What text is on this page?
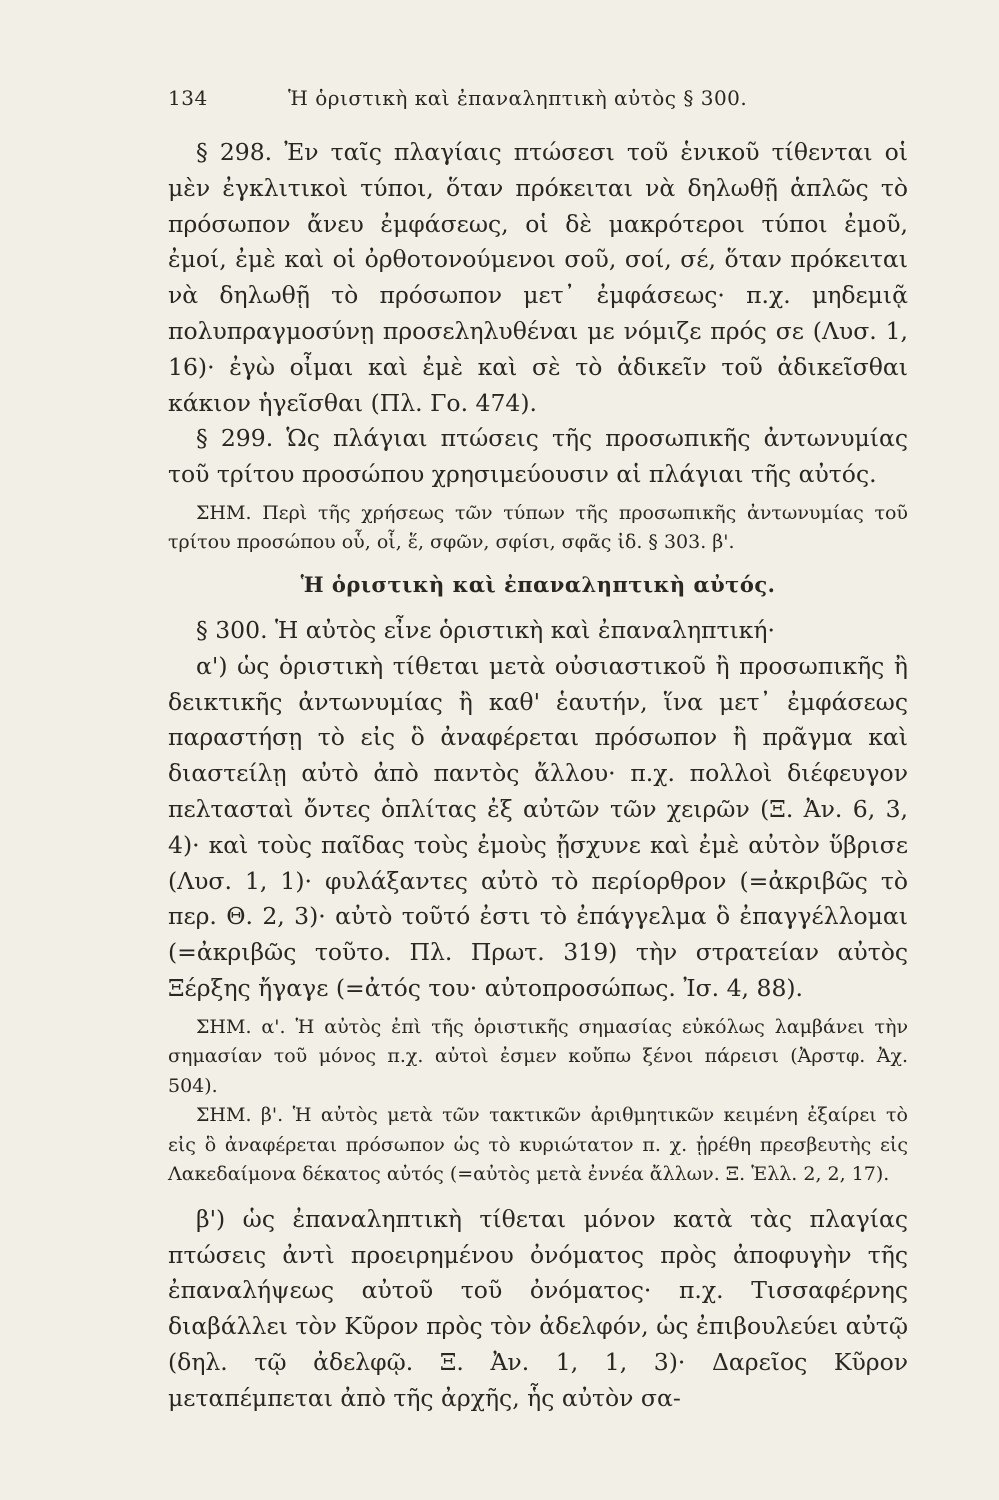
134	Ἡ ὁριστικὴ καὶ ἐπαναληπτικὴ αὐτὸς § 300.

§ 298. Ἐν ταῖς πλαγίαις πτώσεσι τοῦ ἑνικοῦ τίθενται οἱ μὲν ἐγκλιτικοὶ τύποι, ὅταν πρόκειται νὰ δηλωθῇ ἁπλῶς τὸ πρόσωπον ἄνευ ἐμφάσεως, οἱ δὲ μακρότεροι τύποι ἐμοῦ, ἐμοί, ἐμὲ καὶ οἱ ὀρθοτονούμενοι σοῦ, σοί, σέ, ὅταν πρόκειται νὰ δηλωθῇ τὸ πρόσωπον μετ᾽ ἐμφάσεως· π.χ. μηδεμιᾷ πολυπραγμοσύνῃ προσεληλυθέναι με νόμιζε πρός σε (Λυσ. 1, 16)· ἐγὼ οἶμαι καὶ ἐμὲ καὶ σὲ τὸ ἀδικεῖν τοῦ ἀδικεῖσθαι κάκιον ἡγεῖσθαι (Πλ. Γο. 474).

§ 299. Ὡς πλάγιαι πτώσεις τῆς προσωπικῆς ἀντωνυμίας τοῦ τρίτου προσώπου χρησιμεύουσιν αἱ πλάγιαι τῆς αὐτός.

ΣΗΜ. Περὶ τῆς χρήσεως τῶν τύπων τῆς προσωπικῆς ἀντωνυμίας τοῦ τρίτου προσώπου οὗ, οἷ, ἕ, σφῶν, σφίσι, σφᾶς ἰδ. § 303. β'.

Ἡ ὁριστικὴ καὶ ἐπαναληπτικὴ αὐτός.

§ 300. Ἡ αὐτὸς εἶνε ὁριστικὴ καὶ ἐπαναληπτική·

α') ὡς ὁριστικὴ τίθεται μετὰ οὐσιαστικοῦ ἢ προσωπικῆς ἢ δεικτικῆς ἀντωνυμίας ἢ καθ' ἑαυτήν, ἵνα μετ᾽ ἐμφάσεως παραστήσῃ τὸ εἰς ὃ ἀναφέρεται πρόσωπον ἢ πρᾶγμα καὶ διαστείλῃ αὐτὸ ἀπὸ παντὸς ἄλλου· π.χ. πολλοὶ διέφευγον πελτασταὶ ὄντες ὁπλίτας ἐξ αὐτῶν τῶν χειρῶν (Ξ. Ἀν. 6, 3, 4)· καὶ τοὺς παῖδας τοὺς ἐμοὺς ᾔσχυνε καὶ ἐμὲ αὐτὸν ὕβρισε (Λυσ. 1, 1)· φυλάξαντες αὐτὸ τὸ περίορθρον (=ἀκριβῶς τὸ περ. Θ. 2, 3)· αὐτὸ τοῦτό ἐστι τὸ ἐπάγγελμα ὃ ἐπαγγέλλομαι (=ἀκριβῶς τοῦτο. Πλ. Πρωτ. 319) τὴν στρατείαν αὐτὸς Ξέρξης ἤγαγε (=ἀτός του· αὐτοπροσώπως. Ἰσ. 4, 88).

ΣΗΜ. α'. Ἡ αὐτὸς ἐπὶ τῆς ὁριστικῆς σημασίας εὐκόλως λαμβάνει τὴν σημασίαν τοῦ μόνος π.χ. αὐτοὶ ἐσμεν κοὔπω ξένοι πάρεισι (Ἀρστφ. Ἀχ. 504).

ΣΗΜ. β'. Ἡ αὐτὸς μετὰ τῶν τακτικῶν ἀριθμητικῶν κειμένη ἐξαίρει τὸ εἰς ὃ ἀναφέρεται πρόσωπον ὡς τὸ κυριώτατον π. χ. ᾑρέθη πρεσβευτὴς εἰς Λακεδαίμονα δέκατος αὐτός (=αὐτὸς μετὰ ἐννέα ἄλλων. Ξ. Ἑλλ. 2, 2, 17).

β') ὡς ἐπαναληπτικὴ τίθεται μόνον κατὰ τὰς πλαγίας πτώσεις ἀντὶ προειρημένου ὀνόματος πρὸς ἀποφυγὴν τῆς ἐπαναλήψεως αὐτοῦ τοῦ ὀνόματος· π.χ. Τισσαφέρνης διαβάλλει τὸν Κῦρον πρὸς τὸν ἀδελφόν, ὡς ἐπιβουλεύει αὐτῷ (δηλ. τῷ ἀδελφῷ. Ξ. Ἀν. 1, 1, 3)· Δαρεῖος Κῦρον μεταπέμπεται ἀπὸ τῆς ἀρχῆς, ἧς αὐτὸν σα-
